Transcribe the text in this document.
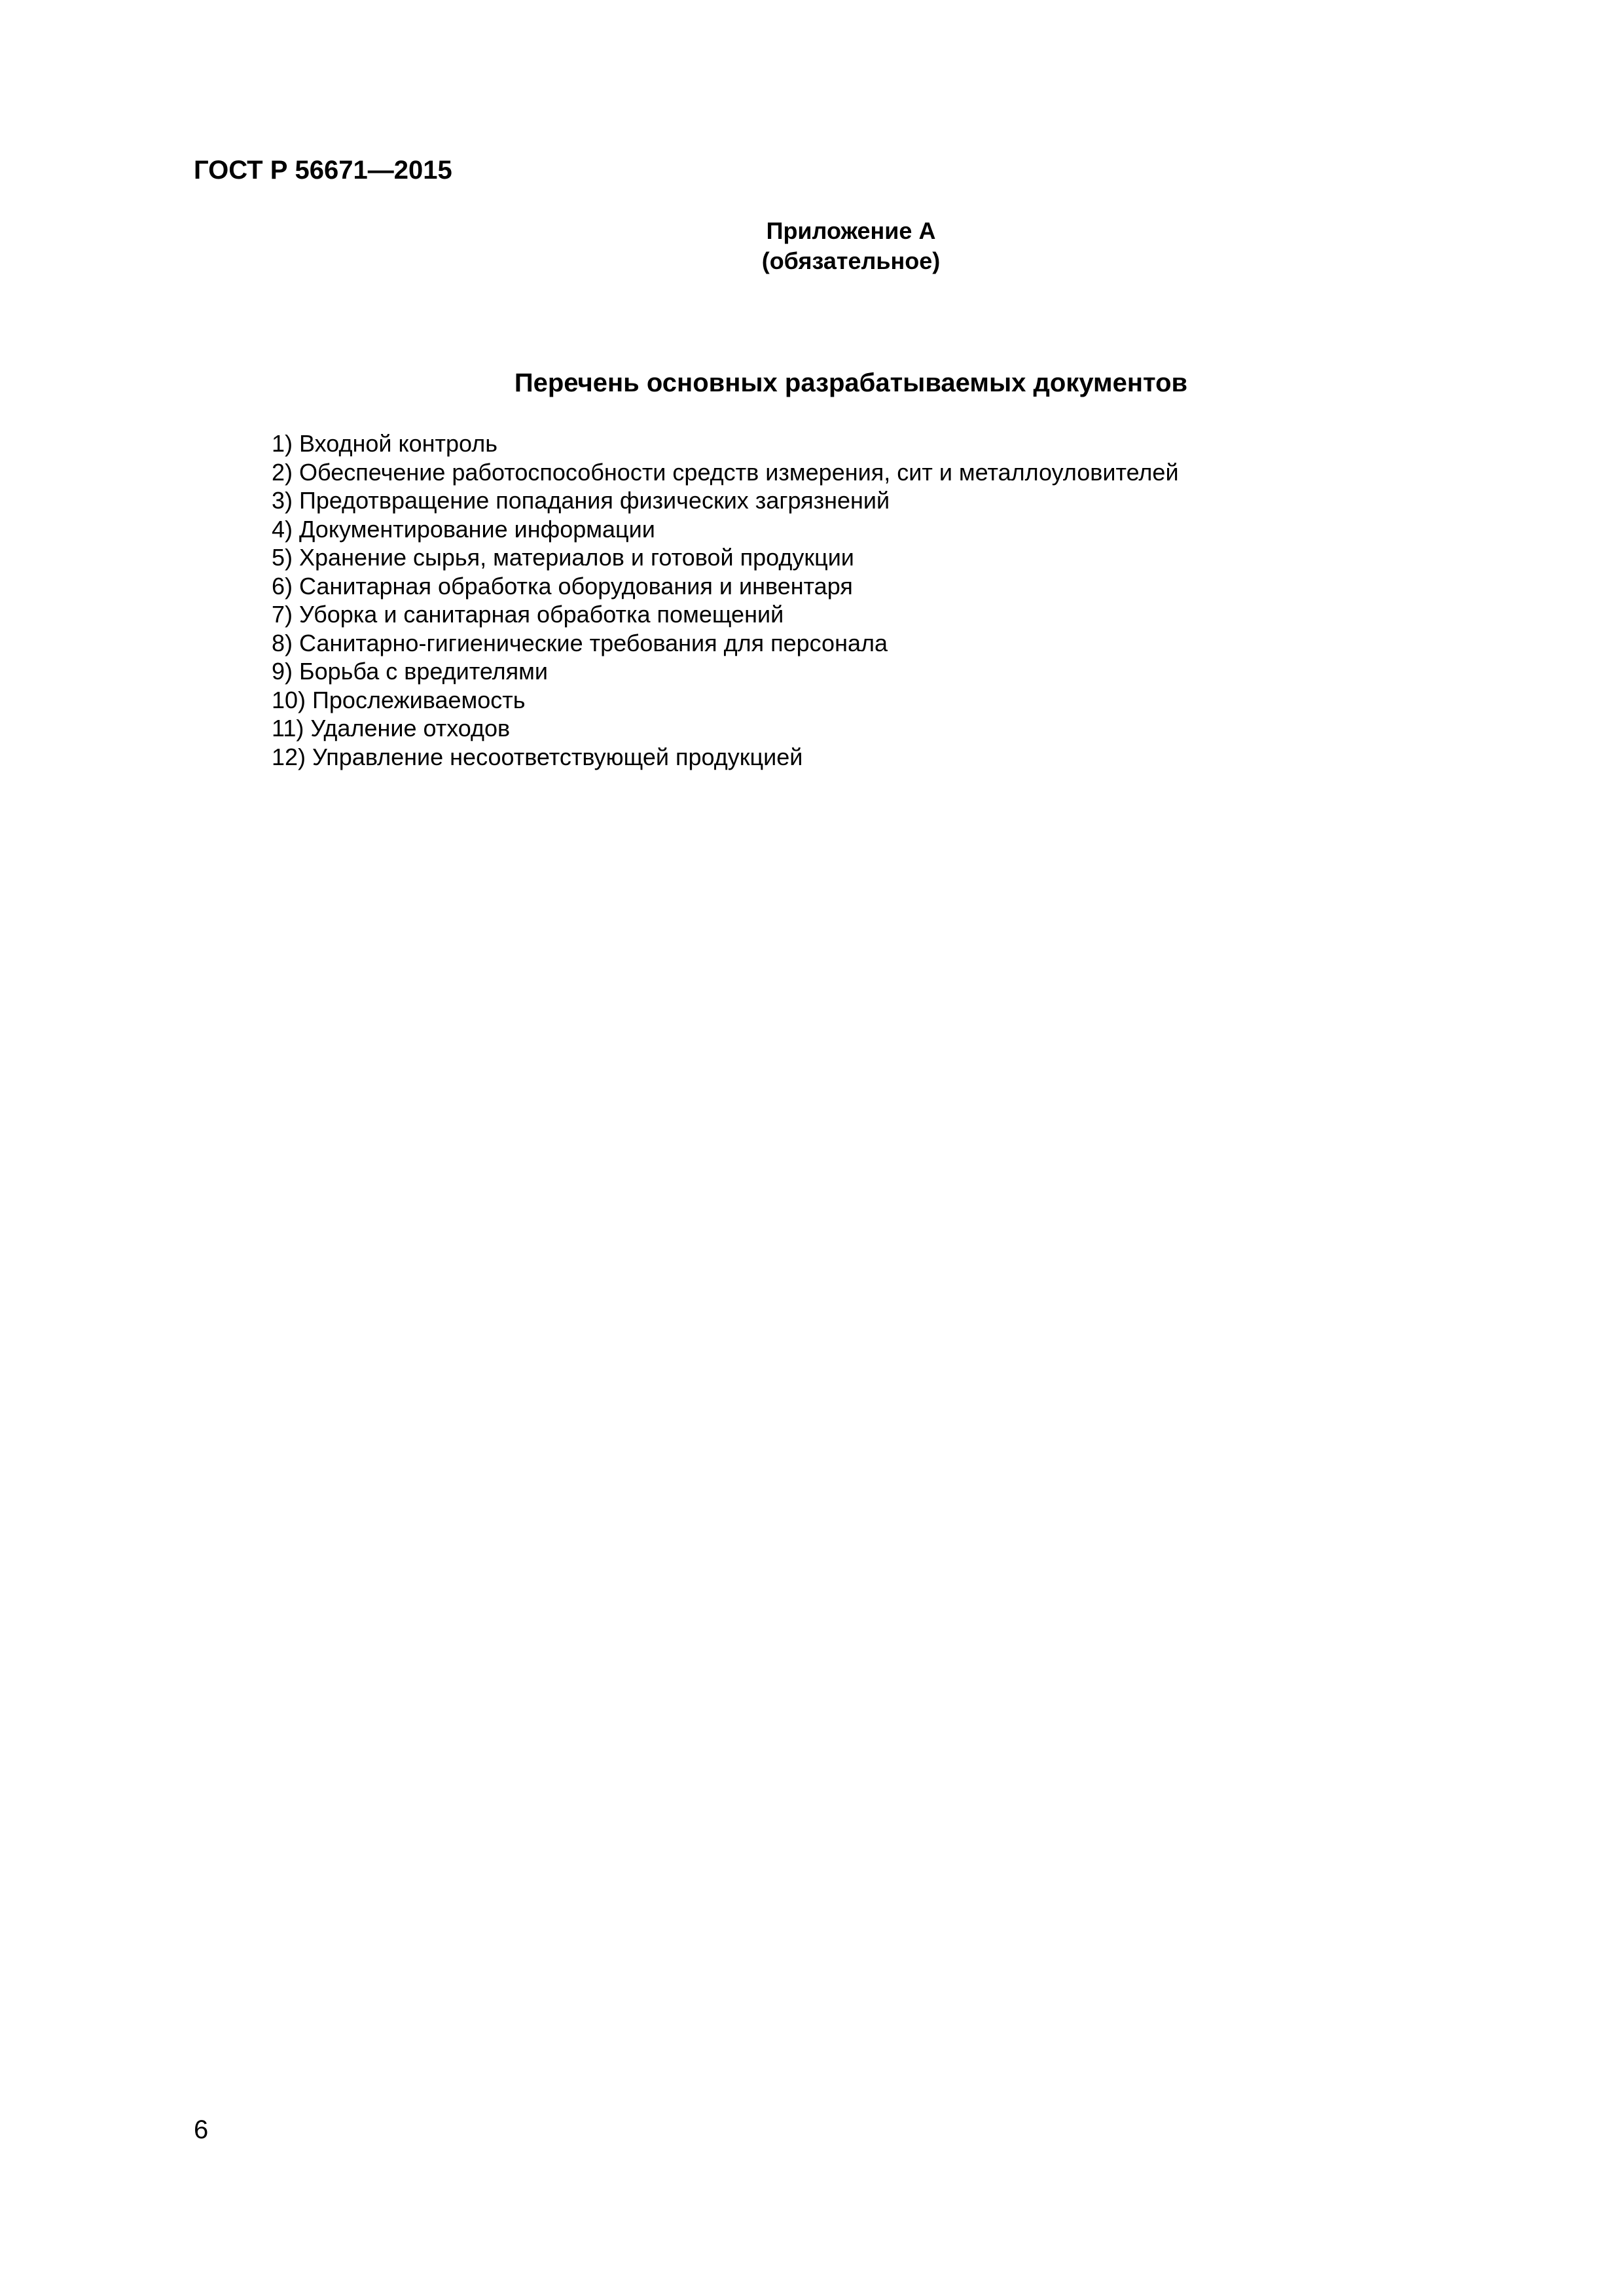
ГОСТ Р 56671—2015
Приложение А
(обязательное)
Перечень основных разрабатываемых документов
1) Входной контроль
2) Обеспечение работоспособности средств измерения, сит и металлоуловителей
3) Предотвращение попадания физических загрязнений
4) Документирование информации
5) Хранение сырья, материалов и готовой продукции
6) Санитарная обработка оборудования и инвентаря
7) Уборка и санитарная обработка помещений
8) Санитарно-гигиенические требования для персонала
9) Борьба с вредителями
10) Прослеживаемость
11) Удаление отходов
12) Управление несоответствующей продукцией
6
